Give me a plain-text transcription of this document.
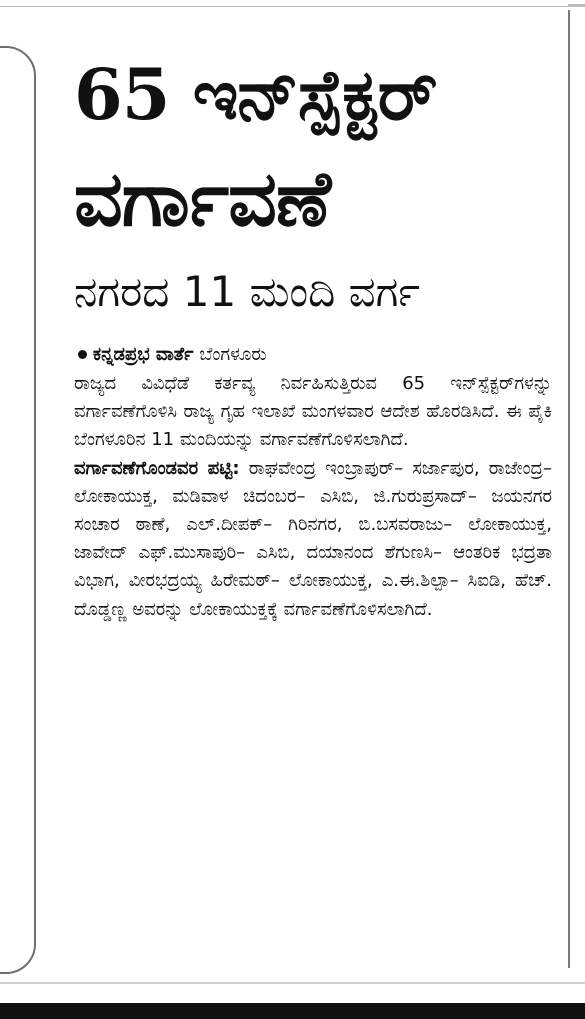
65 ಇನ್‌ಸ್ಪೆಕ್ಟರ್
ವರ್ಗಾವಣೆ
ನಗರದ 11 ಮಂದಿ ವರ್ಗ
ಕನ್ನಡಪ್ರಭ ವಾರ್ತೆ ಬೆಂಗಳೂರು

ರಾಜ್ಯದ ವಿವಿಧೆಡೆ ಕರ್ತವ್ಯ ನಿರ್ವಹಿಸುತ್ತಿರುವ 65 ಇನ್‌ಸ್ಪೆಕ್ಟರ್‌ಗಳನ್ನು ವರ್ಗಾವಣೆಗೊಳಿಸಿ ರಾಜ್ಯ ಗೃಹ ಇಲಾಖೆ ಮಂಗಳವಾರ ಆದೇಶ ಹೊರಡಿಸಿದೆ. ಈ ಪೈಕಿ ಬೆಂಗಳೂರಿನ 11 ಮಂದಿಯನ್ನು ವರ್ಗಾವಣೆಗೊಳಿಸಲಾಗಿದೆ.

ವರ್ಗಾವಣೆಗೊಂಡವರ ಪಟ್ಟಿ: ರಾಘವೇಂದ್ರ ಇಂಬ್ರಾಪುರ್– ಸರ್ಜಾಪುರ, ರಾಜೇಂದ್ರ– ಲೋಕಾಯುಕ್ತ, ಮಡಿವಾಳ ಚಿದಂಬರ– ಎಸಿಬಿ, ಜಿ.ಗುರುಪ್ರಸಾದ್– ಜಯನಗರ ಸಂಚಾರ ಠಾಣೆ, ಎಲ್.ದೀಪಕ್– ಗಿರಿನಗರ, ಬಿ.ಬಸವರಾಜು– ಲೋಕಾಯುಕ್ತ, ಜಾವೇದ್ ಎಫ್.ಮುಸಾಪುರಿ– ಎಸಿಬಿ, ದಯಾನಂದ ಶೆಗುಣಸಿ– ಆಂತರಿಕ ಭದ್ರತಾ ವಿಭಾಗ, ವೀರಭದ್ರಯ್ಯ ಹಿರೇಮಠ್– ಲೋಕಾಯುಕ್ತ, ಎ.ಈ.ಶಿಲ್ಪಾ– ಸಿಐಡಿ, ಹೆಚ್. ದೊಡ್ಡಣ್ಣ ಅವರನ್ನು ಲೋಕಾಯುಕ್ತಕ್ಕೆ ವರ್ಗಾವಣೆಗೊಳಿಸಲಾಗಿದೆ.
